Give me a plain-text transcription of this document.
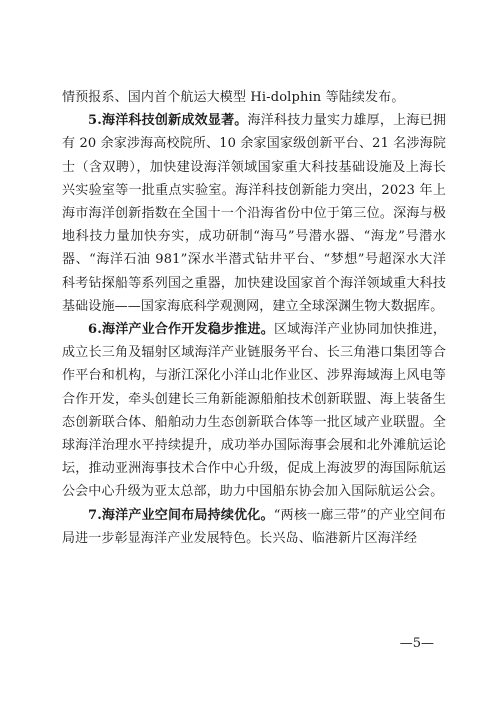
情预报系、国内首个航运大模型 Hi-dolphin 等陆续发布。

5.海洋科技创新成效显著。海洋科技力量实力雄厚，上海已拥有 20 余家涉海高校院所、10 余家国家级创新平台、21 名涉海院士（含双聘），加快建设海洋领域国家重大科技基础设施及上海长兴实验室等一批重点实验室。海洋科技创新能力突出，2023 年上海市海洋创新指数在全国十一个沿海省份中位于第三位。深海与极地科技力量加快夯实，成功研制“海马”号潜水器、“海龙”号潜水器、“海洋石油 981”深水半潜式钻井平台、“梦想”号超深水大洋科考钻探船等系列国之重器，加快建设国家首个海洋领域重大科技基础设施——国家海底科学观测网，建立全球深渊生物大数据库。

6.海洋产业合作开发稳步推进。区域海洋产业协同加快推进，成立长三角及辐射区域海洋产业链服务平台、长三角港口集团等合作平台和机构，与浙江深化小洋山北作业区、涉界海域海上风电等合作开发，牵头创建长三角新能源船舶技术创新联盟、海上装备生态创新联合体、船舶动力生态创新联合体等一批区域产业联盟。全球海洋治理水平持续提升，成功举办国际海事会展和北外滩航运论坛，推动亚洲海事技术合作中心升级，促成上海波罗的海国际航运公会中心升级为亚太总部，助力中国船东协会加入国际航运公会。

7.海洋产业空间布局持续优化。“两核一廊三带”的产业空间布局进一步彰显海洋产业发展特色。长兴岛、临港新片区海洋经

—5—
